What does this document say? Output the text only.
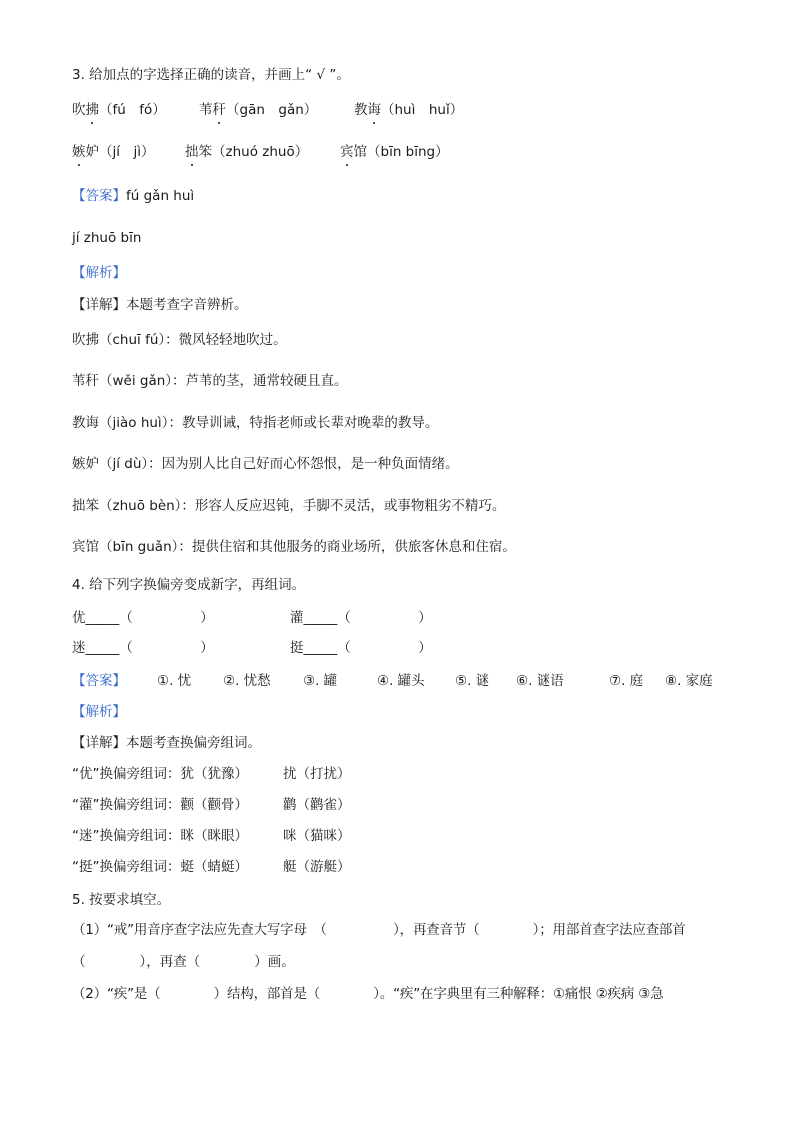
3. 给加点的字选择正确的读音，并画上“ √ ”。
吹拂（fú　fó） 苇秆（gān　gǎn）	教诲（huì　huǐ）
嫉妒（jí　jì） 拙笨（zhuó zhuō） 宾馆（bīn bīng）
【答案】fú gǎn huì
jí zhuō bīn
【解析】
【详解】本题考查字音辨析。
吹拂（chuī fú）：微风轻轻地吹过。
苇秆（wěi gǎn）：芦苇的茎，通常较硬且直。
教诲（jiào huì）：教导训诫，特指老师或长辈对晚辈的教导。
嫉妒（jí dù）：因为别人比自己好而心怀怨恨，是一种负面情绪。
拙笨（zhuō bèn）：形容人反应迟钝，手脚不灵活，或事物粗劣不精巧。
宾馆（bīn guǎn）：提供住宿和其他服务的商业场所，供旅客休息和住宿。
4. 给下列字换偏旁变成新字，再组词。
优_____（　　　　　）	灌_____（　　　　　）
迷_____（　　　　　）	挺_____（　　　　　）
【答案】 ①. 忧 ②. 忧愁 ③. 罐	④. 罐头 ⑤. 谜 ⑥. 谜语	⑦. 庭 ⑧. 家庭
【解析】
【详解】本题考查换偏旁组词。
“优”换偏旁组词：犹（犹豫）	扰（打扰）
“灌”换偏旁组词：颧（颧骨）	鹳（鹳雀）
“迷”换偏旁组词：眯（眯眼）	咪（猫咪）
“挺”换偏旁组词：蜓（蜻蜓）	艇（游艇）
5. 按要求填空。
（1）“戒”用音序查字法应先查大写字母　（　　　　　），再查音节（　　　　）；用部首查字法应查部首
（　　　　），再查（　　　　）画。
（2）“疾”是（　　　　）结构，部首是（　　　　）。“疾”在字典里有三种解释：①痛恨 ②疾病 ③急
